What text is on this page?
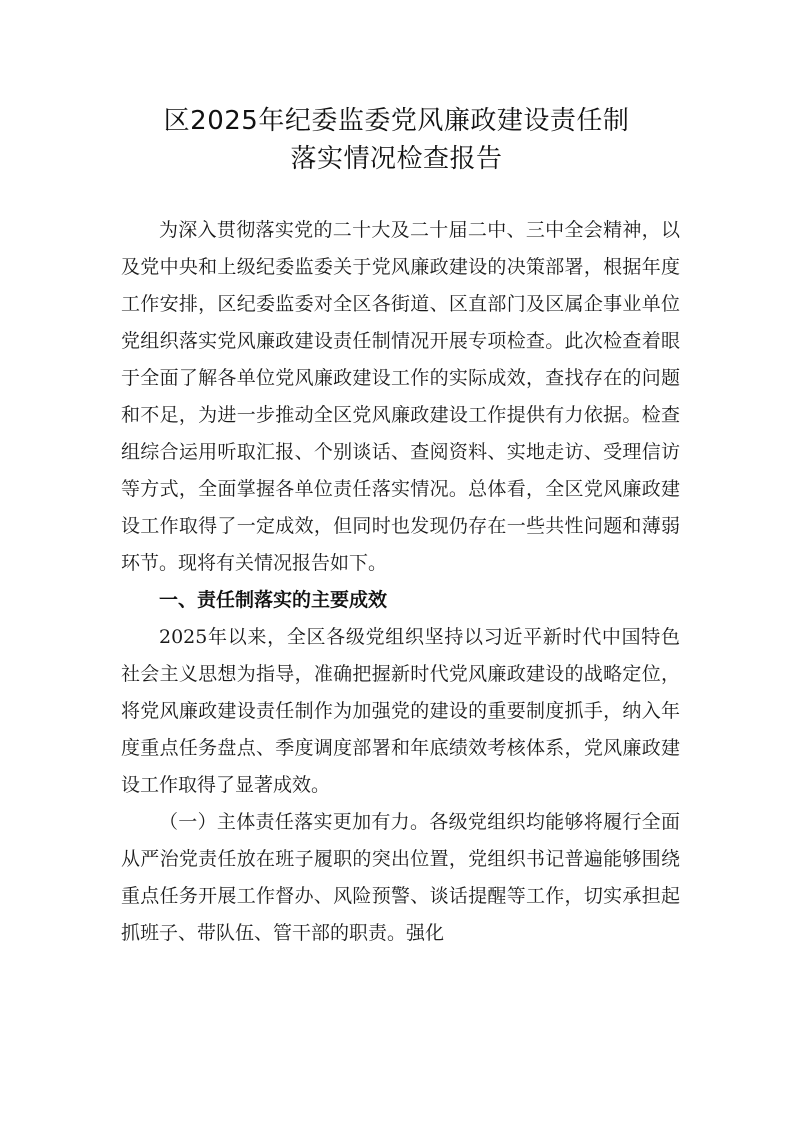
区2025年纪委监委党风廉政建设责任制
落实情况检查报告

为深入贯彻落实党的二十大及二十届二中、三中全会精神，以及党中央和上级纪委监委关于党风廉政建设的决策部署，根据年度工作安排，区纪委监委对全区各街道、区直部门及区属企事业单位党组织落实党风廉政建设责任制情况开展专项检查。此次检查着眼于全面了解各单位党风廉政建设工作的实际成效，查找存在的问题和不足，为进一步推动全区党风廉政建设工作提供有力依据。检查组综合运用听取汇报、个别谈话、查阅资料、实地走访、受理信访等方式，全面掌握各单位责任落实情况。总体看，全区党风廉政建设工作取得了一定成效，但同时也发现仍存在一些共性问题和薄弱环节。现将有关情况报告如下。

一、责任制落实的主要成效

2025年以来，全区各级党组织坚持以习近平新时代中国特色社会主义思想为指导，准确把握新时代党风廉政建设的战略定位，将党风廉政建设责任制作为加强党的建设的重要制度抓手，纳入年度重点任务盘点、季度调度部署和年底绩效考核体系，党风廉政建设工作取得了显著成效。

（一）主体责任落实更加有力。各级党组织均能够将履行全面从严治党责任放在班子履职的突出位置，党组织书记普遍能够围绕重点任务开展工作督办、风险预警、谈话提醒等工作，切实承担起抓班子、带队伍、管干部的职责。强化
